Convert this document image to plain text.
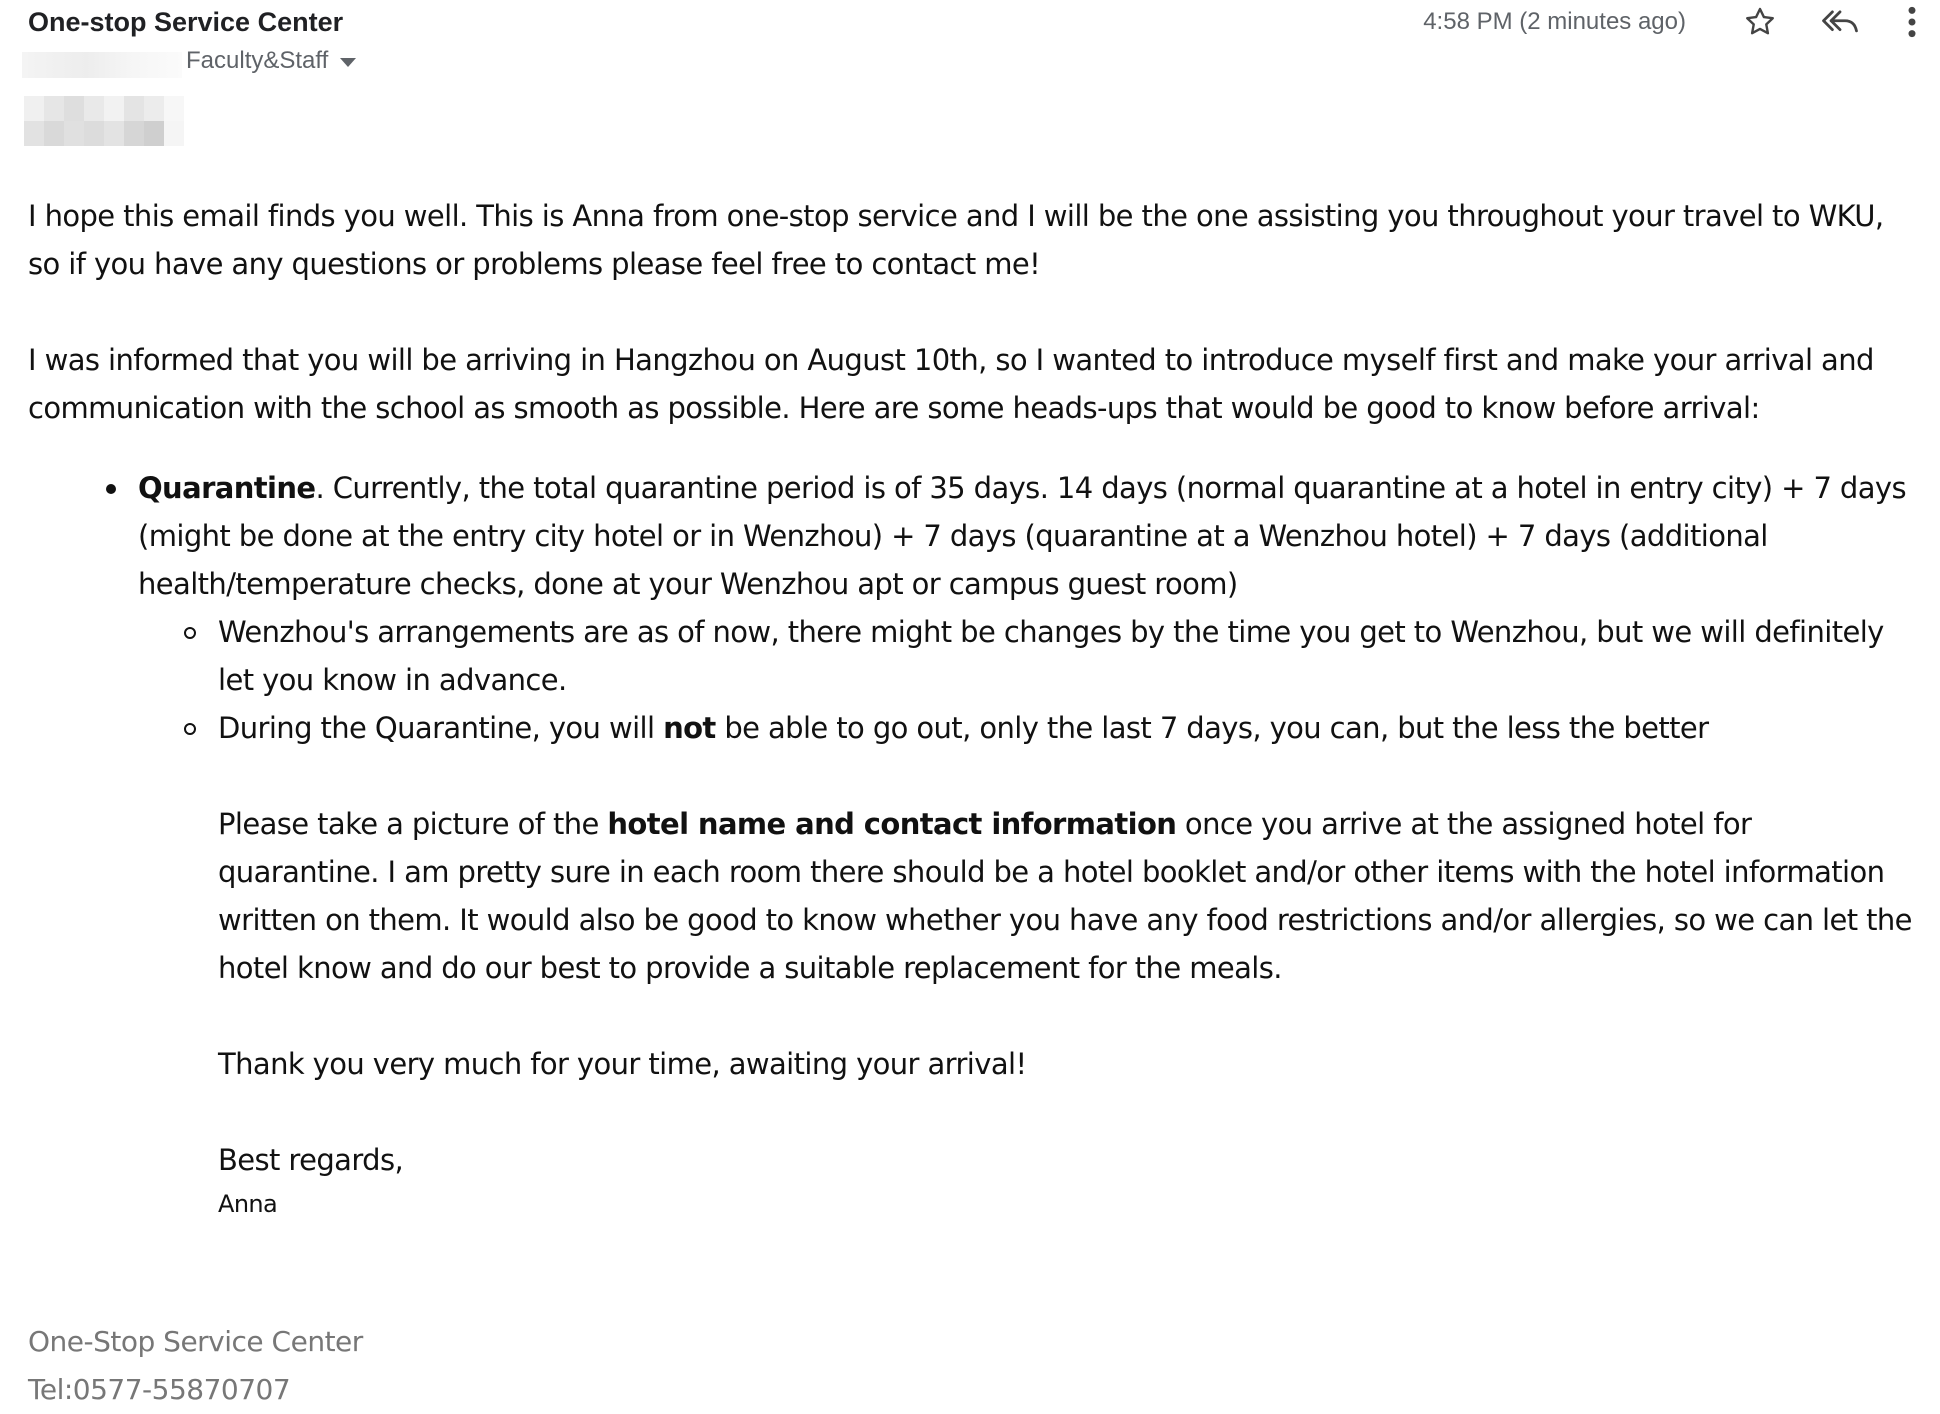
One-stop Service Center
Faculty&Staff
4:58 PM (2 minutes ago)

I hope this email finds you well. This is Anna from one-stop service and I will be the one assisting you throughout your travel to WKU, so if you have any questions or problems please feel free to contact me!

I was informed that you will be arriving in Hangzhou on August 10th, so I wanted to introduce myself first and make your arrival and communication with the school as smooth as possible. Here are some heads-ups that would be good to know before arrival:

Quarantine. Currently, the total quarantine period is of 35 days. 14 days (normal quarantine at a hotel in entry city) + 7 days (might be done at the entry city hotel or in Wenzhou) + 7 days (quarantine at a Wenzhou hotel) + 7 days (additional health/temperature checks, done at your Wenzhou apt or campus guest room)
Wenzhou's arrangements are as of now, there might be changes by the time you get to Wenzhou, but we will definitely let you know in advance.
During the Quarantine, you will not be able to go out, only the last 7 days, you can, but the less the better

Please take a picture of the hotel name and contact information once you arrive at the assigned hotel for quarantine. I am pretty sure in each room there should be a hotel booklet and/or other items with the hotel information written on them. It would also be good to know whether you have any food restrictions and/or allergies, so we can let the hotel know and do our best to provide a suitable replacement for the meals.

Thank you very much for your time, awaiting your arrival!

Best regards,

Anna

One-Stop Service Center
Tel:0577-55870707
